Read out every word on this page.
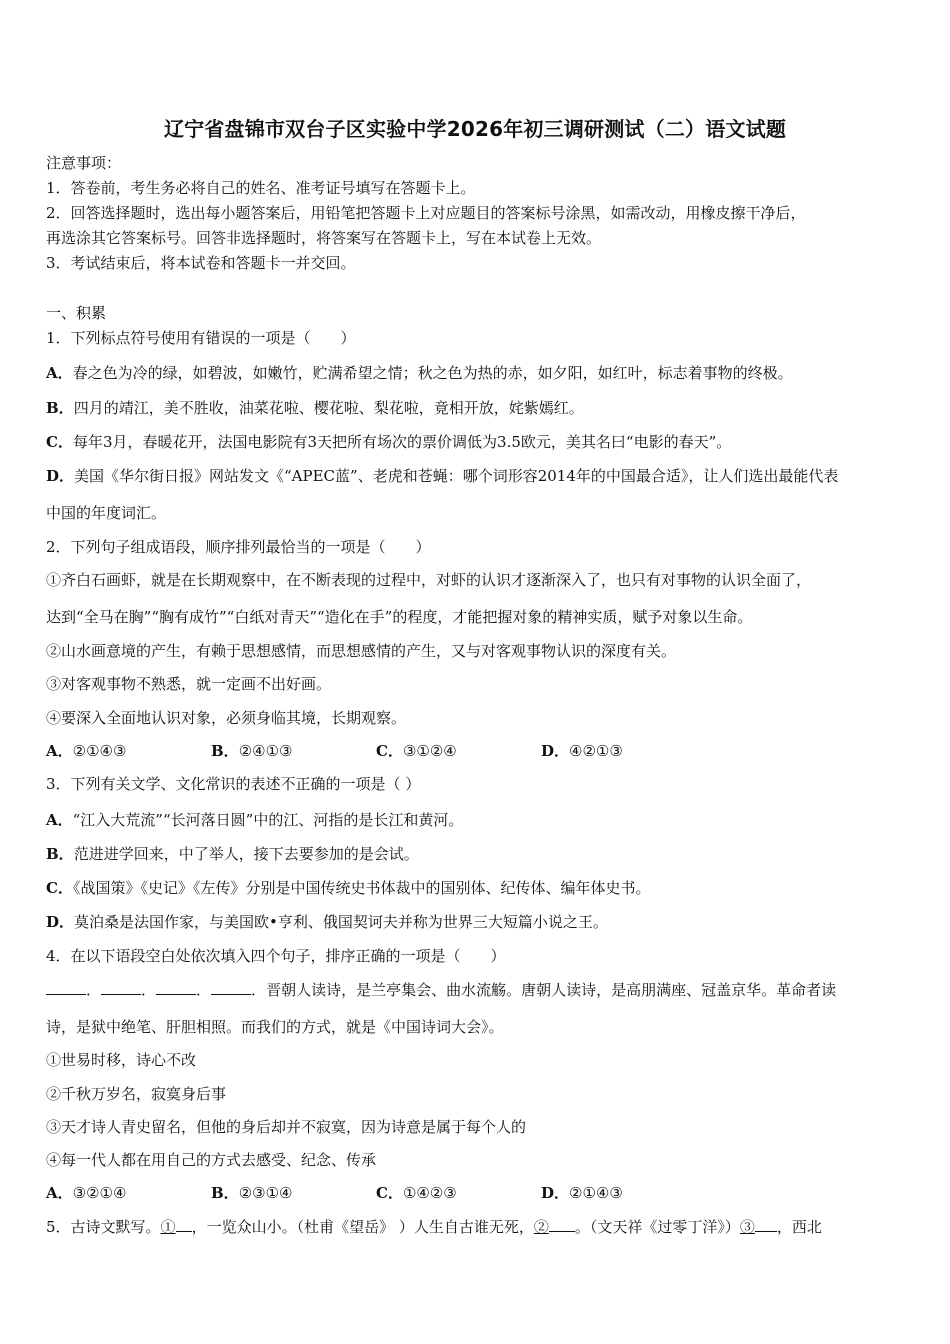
辽宁省盘锦市双台子区实验中学2026年初三调研测试（二）语文试题
注意事项：
1．答卷前，考生务必将自己的姓名、准考证号填写在答题卡上。
2．回答选择题时，选出每小题答案后，用铅笔把答题卡上对应题目的答案标号涂黑，如需改动，用橡皮擦干净后，
再选涂其它答案标号。回答非选择题时，将答案写在答题卡上，写在本试卷上无效。
3．考试结束后，将本试卷和答题卡一并交回。
一、积累
1．下列标点符号使用有错误的一项是（　　）
A．春之色为冷的绿，如碧波，如嫩竹，贮满希望之情；秋之色为热的赤，如夕阳，如红叶，标志着事物的终极。
B．四月的靖江，美不胜收，油菜花啦、樱花啦、梨花啦，竟相开放，姹紫嫣红。
C．每年3月，春暖花开，法国电影院有3天把所有场次的票价调低为3.5欧元，美其名曰“电影的春天”。
D．美国《华尔街日报》网站发文《“APEC蓝”、老虎和苍蝇：哪个词形容2014年的中国最合适》，让人们选出最能代表
中国的年度词汇。
2．下列句子组成语段，顺序排列最恰当的一项是（　　）
①齐白石画虾，就是在长期观察中，在不断表现的过程中，对虾的认识才逐渐深入了，也只有对事物的认识全面了，
达到“全马在胸”“胸有成竹”“白纸对青天”“造化在手”的程度，才能把握对象的精神实质，赋予对象以生命。
②山水画意境的产生，有赖于思想感情，而思想感情的产生，又与对客观事物认识的深度有关。
③对客观事物不熟悉，就一定画不出好画。
④要深入全面地认识对象，必须身临其境，长期观察。
A．②①④③	B．②④①③	C．③①②④	D．④②①③
3．下列有关文学、文化常识的表述不正确的一项是（ ）
A．“江入大荒流”“长河落日圆”中的江、河指的是长江和黄河。
B．范进进学回来，中了举人，接下去要参加的是会试。
C．《战国策》《史记》《左传》分别是中国传统史书体裁中的国别体、纪传体、编年体史书。
D．莫泊桑是法国作家，与美国欧•亨利、俄国契诃夫并称为世界三大短篇小说之王。
4．在以下语段空白处依次填入四个句子，排序正确的一项是（　　）
．	．	．	．晋朝人读诗，是兰亭集会、曲水流觞。唐朝人读诗，是高朋满座、冠盖京华。革命者读
诗，是狱中绝笔、肝胆相照。而我们的方式，就是《中国诗词大会》。
①世易时移，诗心不改
②千秋万岁名，寂寞身后事
③天才诗人青史留名，但他的身后却并不寂寞，因为诗意是属于每个人的
④每一代人都在用自己的方式去感受、纪念、传承
A．③②①④	B．②③①④	C．①④②③	D．②①④③
5．古诗文默写。① ，一览众山小。（杜甫《望岳》 ）人生自古谁无死，② 。（文天祥《过零丁洋》）③ ，西北
